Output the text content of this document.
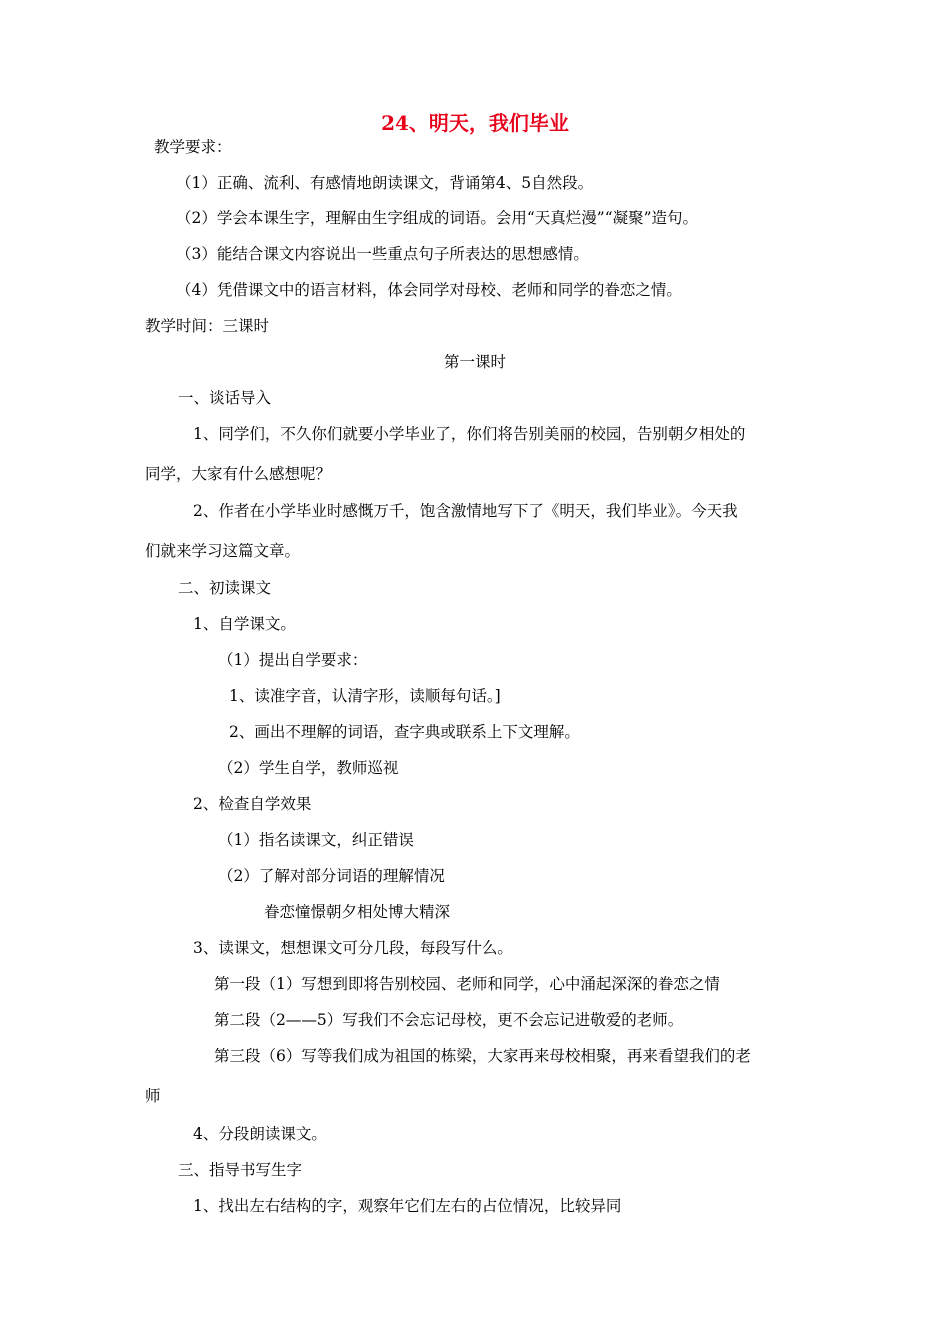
24、明天，我们毕业
教学要求：
（1）正确、流利、有感情地朗读课文，背诵第4、5自然段。
（2）学会本课生字，理解由生字组成的词语。会用“天真烂漫”“凝聚”造句。
（3）能结合课文内容说出一些重点句子所表达的思想感情。
（4）凭借课文中的语言材料，体会同学对母校、老师和同学的眷恋之情。
教学时间：三课时
第一课时
一、谈话导入
1、同学们，不久你们就要小学毕业了，你们将告别美丽的校园，告别朝夕相处的
同学，大家有什么感想呢？
2、作者在小学毕业时感慨万千，饱含激情地写下了《明天，我们毕业》。今天我
们就来学习这篇文章。
二、初读课文
1、自学课文。
（1）提出自学要求：
1、读准字音，认清字形，读顺每句话。]
2、画出不理解的词语，查字典或联系上下文理解。
（2）学生自学，教师巡视
2、检查自学效果
（1）指名读课文，纠正错误
（2）了解对部分词语的理解情况
眷恋憧憬朝夕相处博大精深
3、读课文，想想课文可分几段，每段写什么。
第一段（1）写想到即将告别校园、老师和同学，心中涌起深深的眷恋之情
第二段（2——5）写我们不会忘记母校，更不会忘记进敬爱的老师。
第三段（6）写等我们成为祖国的栋梁，大家再来母校相聚，再来看望我们的老
师
4、分段朗读课文。
三、指导书写生字
1、找出左右结构的字，观察年它们左右的占位情况，比较异同
